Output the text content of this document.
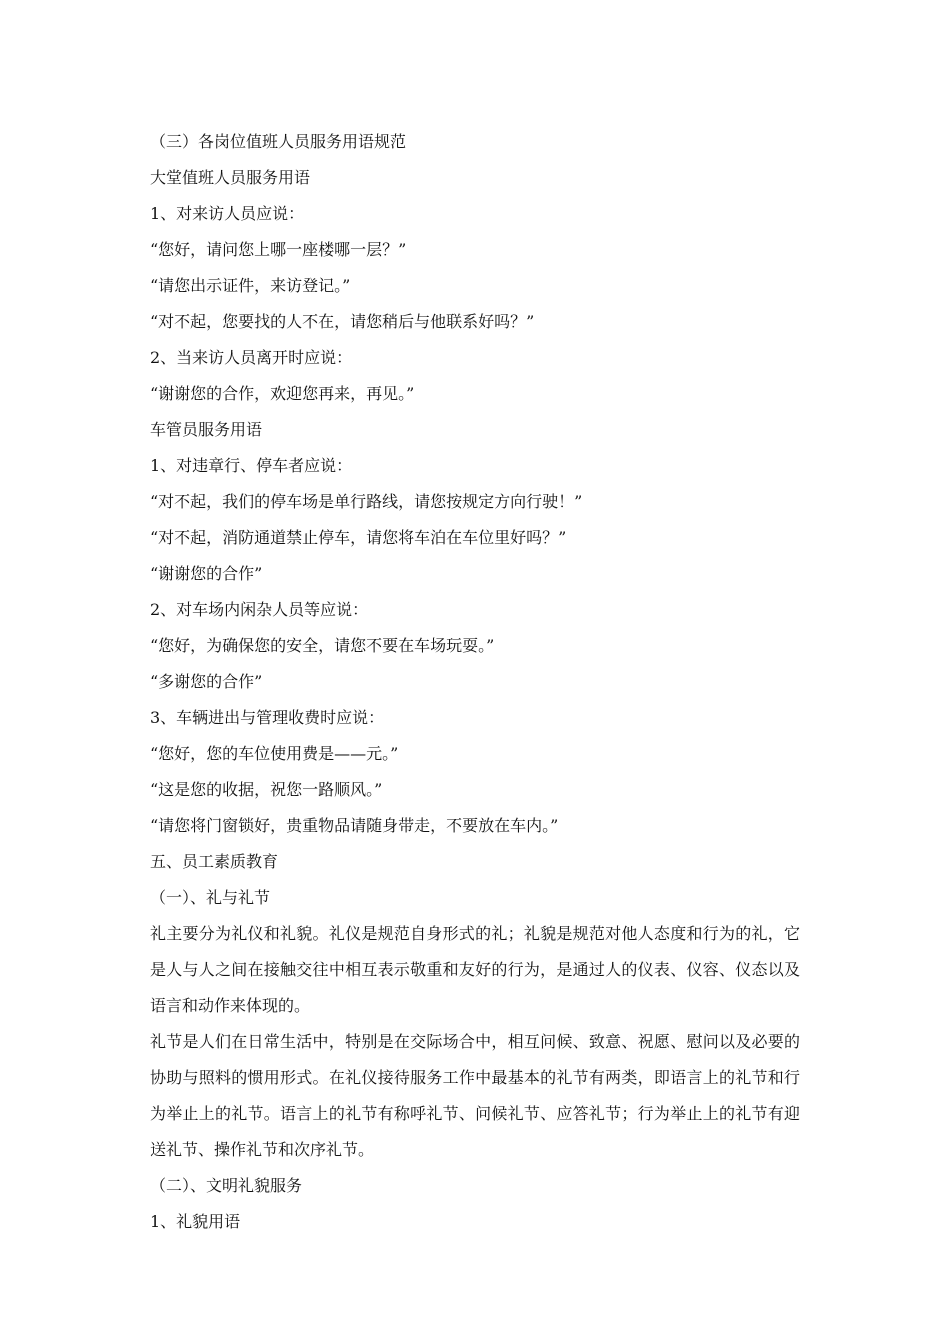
（三）各岗位值班人员服务用语规范
大堂值班人员服务用语
1、对来访人员应说：
“您好，请问您上哪一座楼哪一层？”
“请您出示证件，来访登记。”
“对不起，您要找的人不在，请您稍后与他联系好吗？”
2、当来访人员离开时应说：
“谢谢您的合作，欢迎您再来，再见。”
车管员服务用语
1、对违章行、停车者应说：
“对不起，我们的停车场是单行路线，请您按规定方向行驶！”
“对不起，消防通道禁止停车，请您将车泊在车位里好吗？”
“谢谢您的合作”
2、对车场内闲杂人员等应说：
“您好，为确保您的安全，请您不要在车场玩耍。”
“多谢您的合作”
3、车辆进出与管理收费时应说：
“您好，您的车位使用费是——元。”
“这是您的收据，祝您一路顺风。”
“请您将门窗锁好，贵重物品请随身带走，不要放在车内。”
五、员工素质教育
（一）、礼与礼节
礼主要分为礼仪和礼貌。礼仪是规范自身形式的礼；礼貌是规范对他人态度和行为的礼，它是人与人之间在接触交往中相互表示敬重和友好的行为，是通过人的仪表、仪容、仪态以及语言和动作来体现的。
礼节是人们在日常生活中，特别是在交际场合中，相互问候、致意、祝愿、慰问以及必要的协助与照料的惯用形式。在礼仪接待服务工作中最基本的礼节有两类，即语言上的礼节和行为举止上的礼节。语言上的礼节有称呼礼节、问候礼节、应答礼节；行为举止上的礼节有迎送礼节、操作礼节和次序礼节。
（二）、文明礼貌服务
1、礼貌用语
